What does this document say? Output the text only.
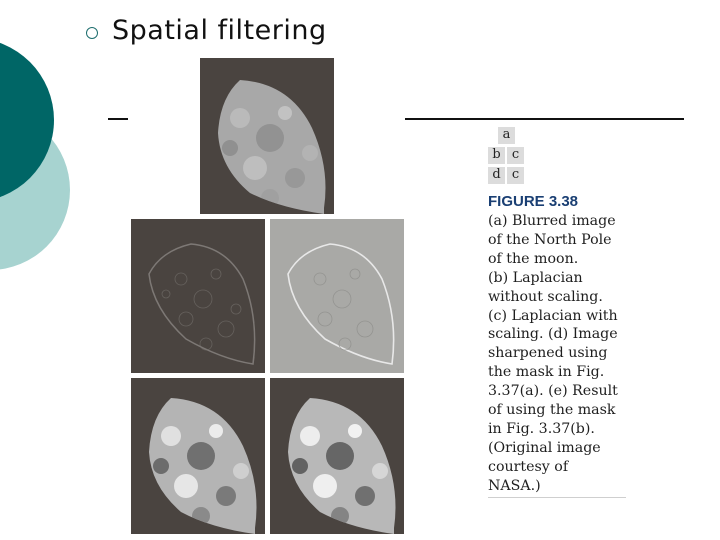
Spatial filtering
a
b c
d c
FIGURE 3.38
(a) Blurred image
of the North Pole
of the moon.
(b) Laplacian
without scaling.
(c) Laplacian with
scaling. (d) Image
sharpened using
the mask in Fig.
3.37(a). (e) Result
of using the mask
in Fig. 3.37(b).
(Original image
courtesy of
NASA.)
